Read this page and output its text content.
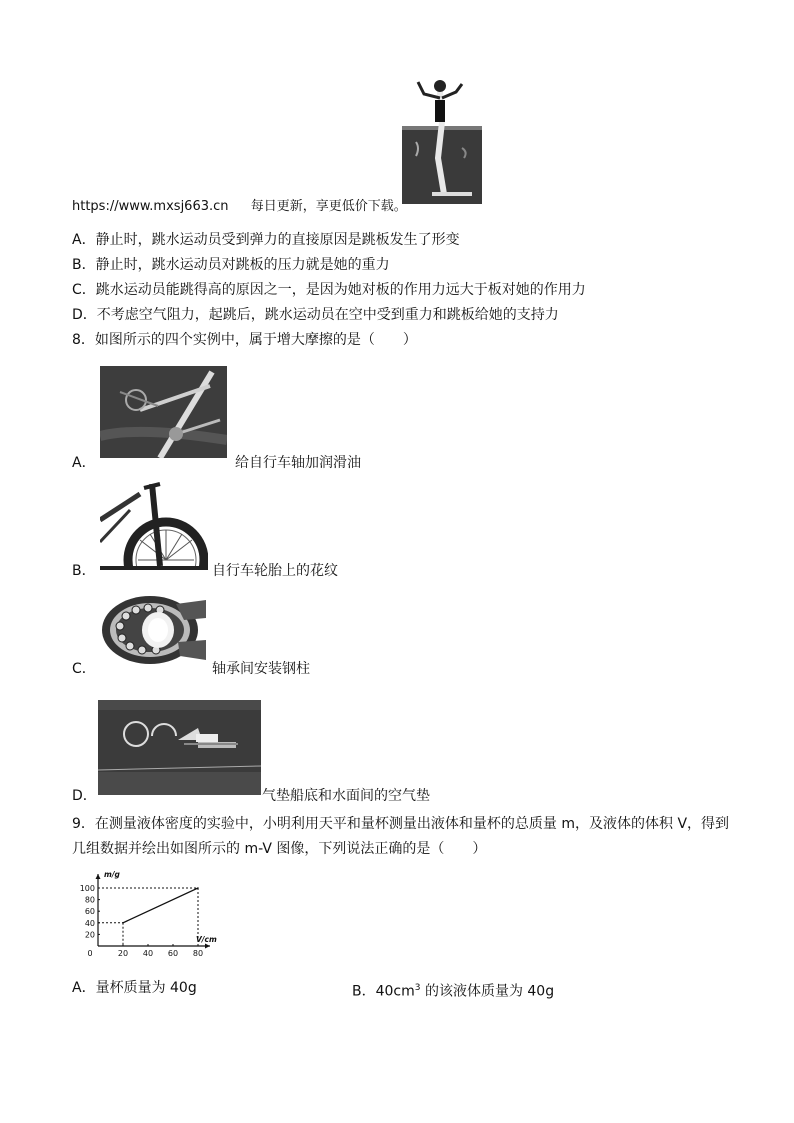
https://www.mxsj663.cn 每日更新，享更低价下载。
A．静止时，跳水运动员受到弹力的直接原因是跳板发生了形变
B．静止时，跳水运动员对跳板的压力就是她的重力
C．跳水运动员能跳得高的原因之一，是因为她对板的作用力远大于板对她的作用力
D．不考虑空气阻力，起跳后，跳水运动员在空中受到重力和跳板给她的支持力
8．如图所示的四个实例中，属于增大摩擦的是（　　）
A．	给自行车轴加润滑油
B．	自行车轮胎上的花纹
C．	轴承间安装钢柱
D．	气垫船底和水面间的空气垫
9．在测量液体密度的实验中，小明利用天平和量杯测量出液体和量杯的总质量 m，及液体的体积 V，得到
几组数据并绘出如图所示的 m-V 图像，下列说法正确的是（　　）
m/g
V/cm
0	20 40 60 80
20
40
60
80
100
A．量杯质量为 40g	B．$40cm^3$ 的该液体质量为 40g
